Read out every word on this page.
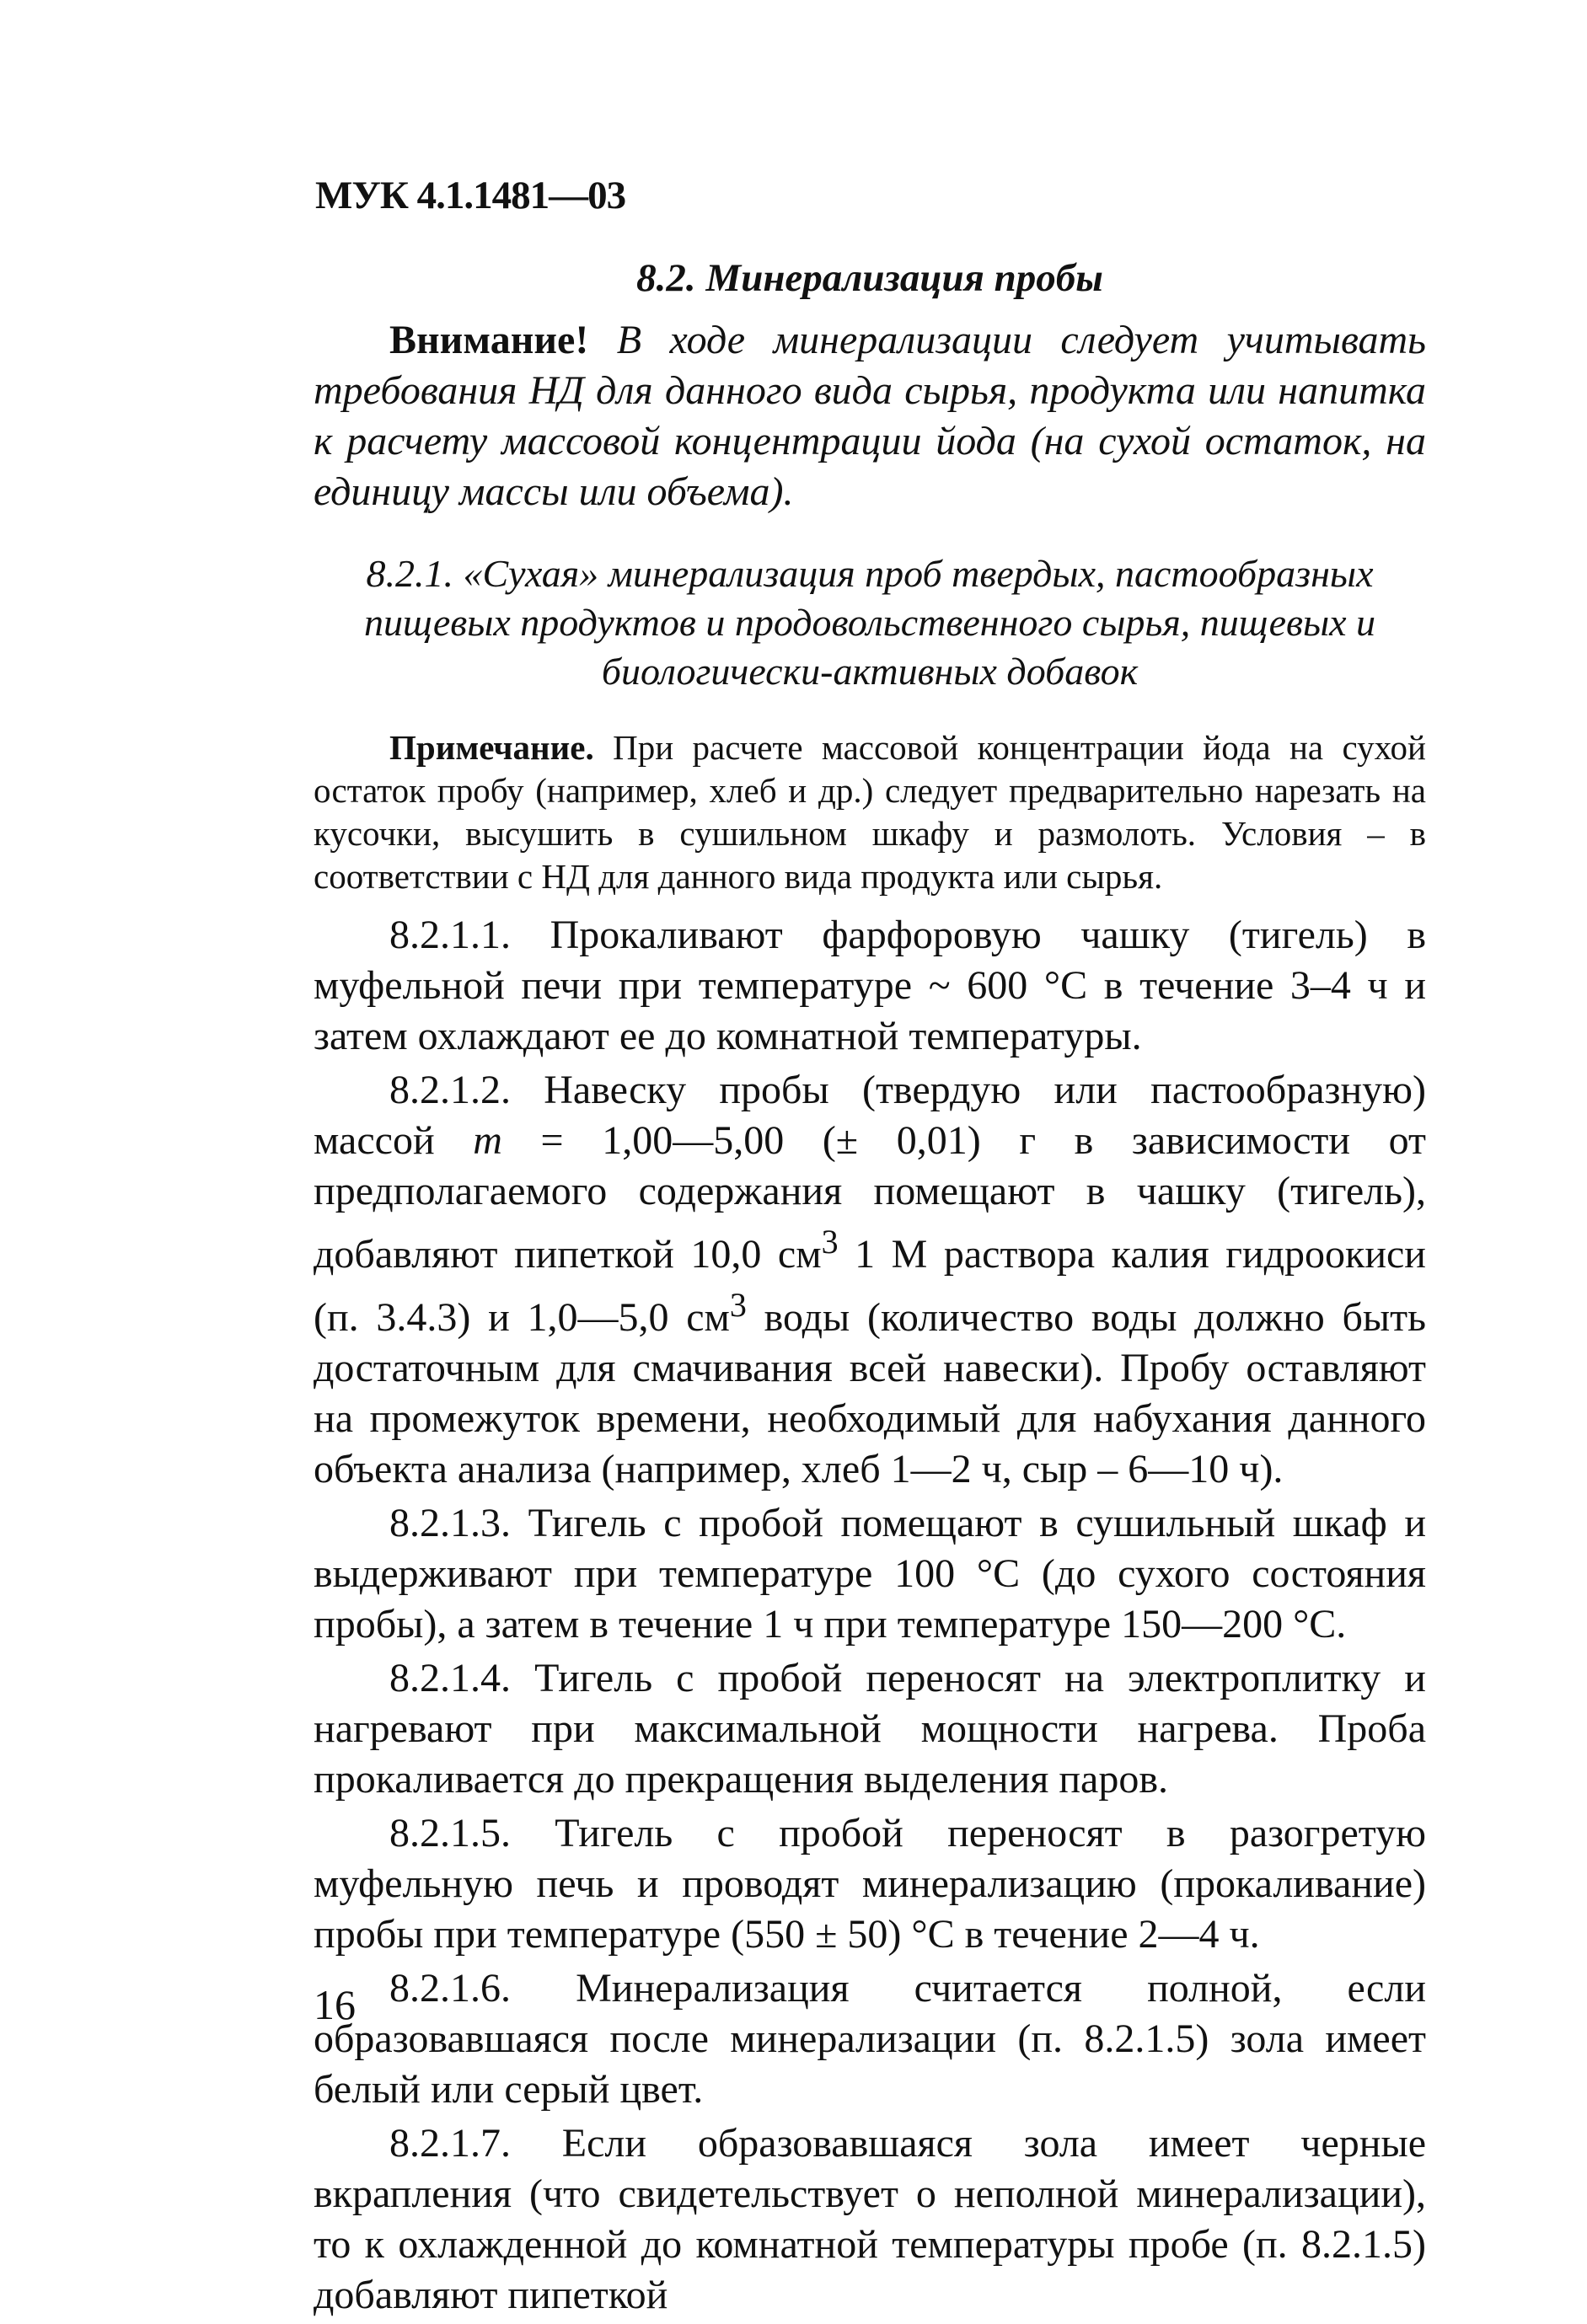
МУК 4.1.1481—03

8.2. Минерализация пробы

Внимание! В ходе минерализации следует учитывать требования НД для данного вида сырья, продукта или напитка к расчету массовой концентрации йода (на сухой остаток, на единицу массы или объема).

8.2.1. «Сухая» минерализация проб твердых, пастообразных пищевых продуктов и продовольственного сырья, пищевых и биологически-активных добавок

Примечание. При расчете массовой концентрации йода на сухой остаток пробу (например, хлеб и др.) следует предварительно нарезать на кусочки, высушить в сушильном шкафу и размолоть. Условия – в соответствии с НД для данного вида продукта или сырья.

8.2.1.1. Прокаливают фарфоровую чашку (тигель) в муфельной печи при температуре ~ 600 °С в течение 3–4 ч и затем охлаждают ее до комнатной температуры.

8.2.1.2. Навеску пробы (твердую или пастообразную) массой m = 1,00—5,00 (± 0,01) г в зависимости от предполагаемого содержания помещают в чашку (тигель), добавляют пипеткой 10,0 $см^3$ 1 М раствора калия гидроокиси (п. 3.4.3) и 1,0—5,0 $см^3$ воды (количество воды должно быть достаточным для смачивания всей навески). Пробу оставляют на промежуток времени, необходимый для набухания данного объекта анализа (например, хлеб 1—2 ч, сыр – 6—10 ч).

8.2.1.3. Тигель с пробой помещают в сушильный шкаф и выдерживают при температуре 100 °С (до сухого состояния пробы), а затем в течение 1 ч при температуре 150—200 °С.

8.2.1.4. Тигель с пробой переносят на электроплитку и нагревают при максимальной мощности нагрева. Проба прокаливается до прекращения выделения паров.

8.2.1.5. Тигель с пробой переносят в разогретую муфельную печь и проводят минерализацию (прокаливание) пробы при температуре (550 ± 50) °С в течение 2—4 ч.

8.2.1.6. Минерализация считается полной, если образовавшаяся после минерализации (п. 8.2.1.5) зола имеет белый или серый цвет.

8.2.1.7. Если образовавшаяся зола имеет черные вкрапления (что свидетельствует о неполной минерализации), то к охлажденной до комнатной температуры пробе (п. 8.2.1.5) добавляют пипеткой

16
